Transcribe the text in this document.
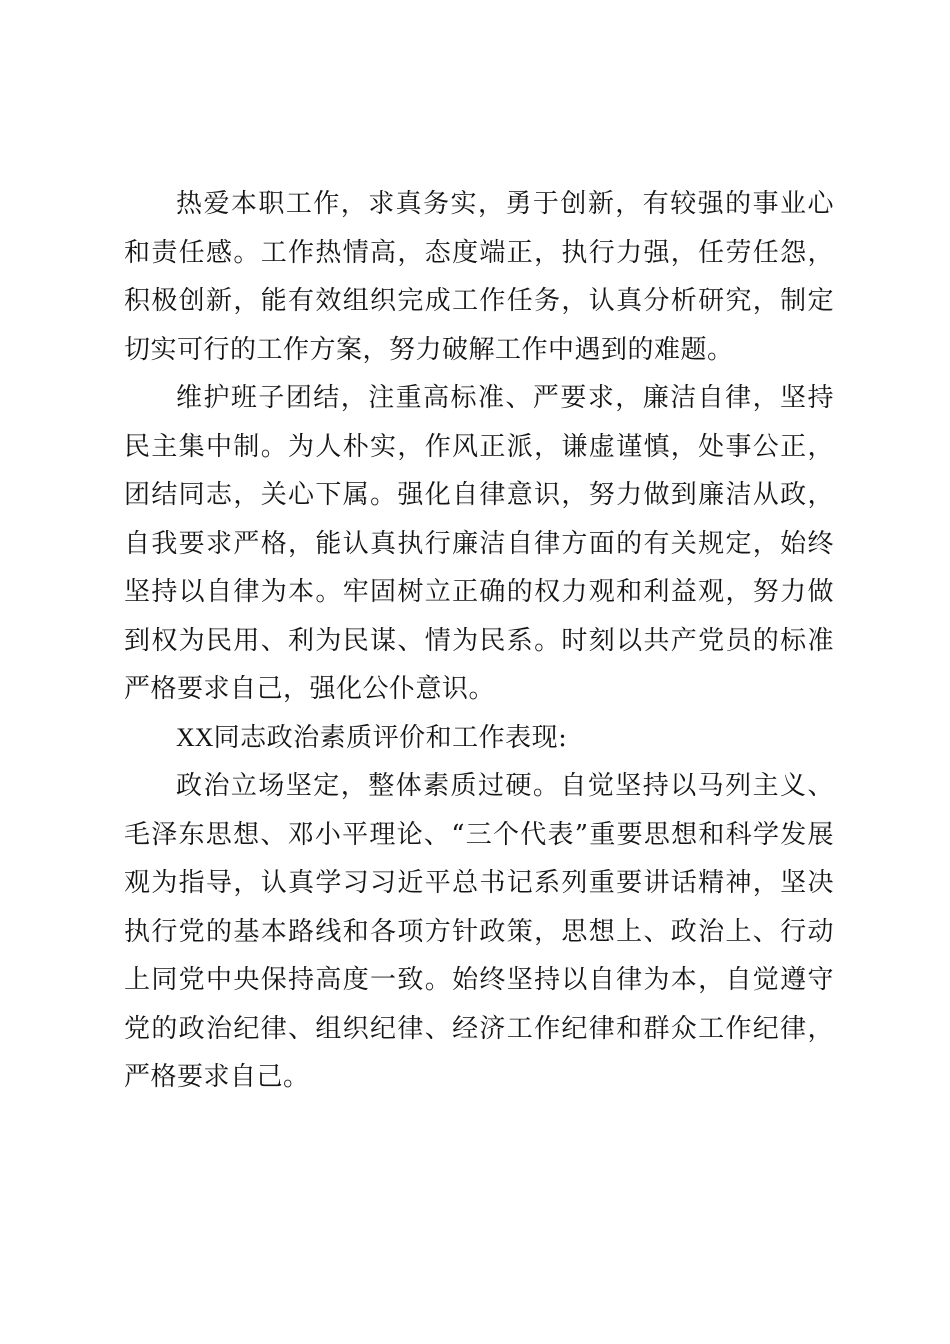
热爱本职工作，求真务实，勇于创新，有较强的事业心和责任感。工作热情高，态度端正，执行力强，任劳任怨，积极创新，能有效组织完成工作任务，认真分析研究，制定切实可行的工作方案，努力破解工作中遇到的难题。

维护班子团结，注重高标准、严要求，廉洁自律，坚持民主集中制。为人朴实，作风正派，谦虚谨慎，处事公正，团结同志，关心下属。强化自律意识，努力做到廉洁从政，自我要求严格，能认真执行廉洁自律方面的有关规定，始终坚持以自律为本。牢固树立正确的权力观和利益观，努力做到权为民用、利为民谋、情为民系。时刻以共产党员的标准严格要求自己，强化公仆意识。

XX同志政治素质评价和工作表现:

政治立场坚定，整体素质过硬。自觉坚持以马列主义、毛泽东思想、邓小平理论、“三个代表”重要思想和科学发展观为指导，认真学习习近平总书记系列重要讲话精神，坚决执行党的基本路线和各项方针政策，思想上、政治上、行动上同党中央保持高度一致。始终坚持以自律为本，自觉遵守党的政治纪律、组织纪律、经济工作纪律和群众工作纪律，严格要求自己。
